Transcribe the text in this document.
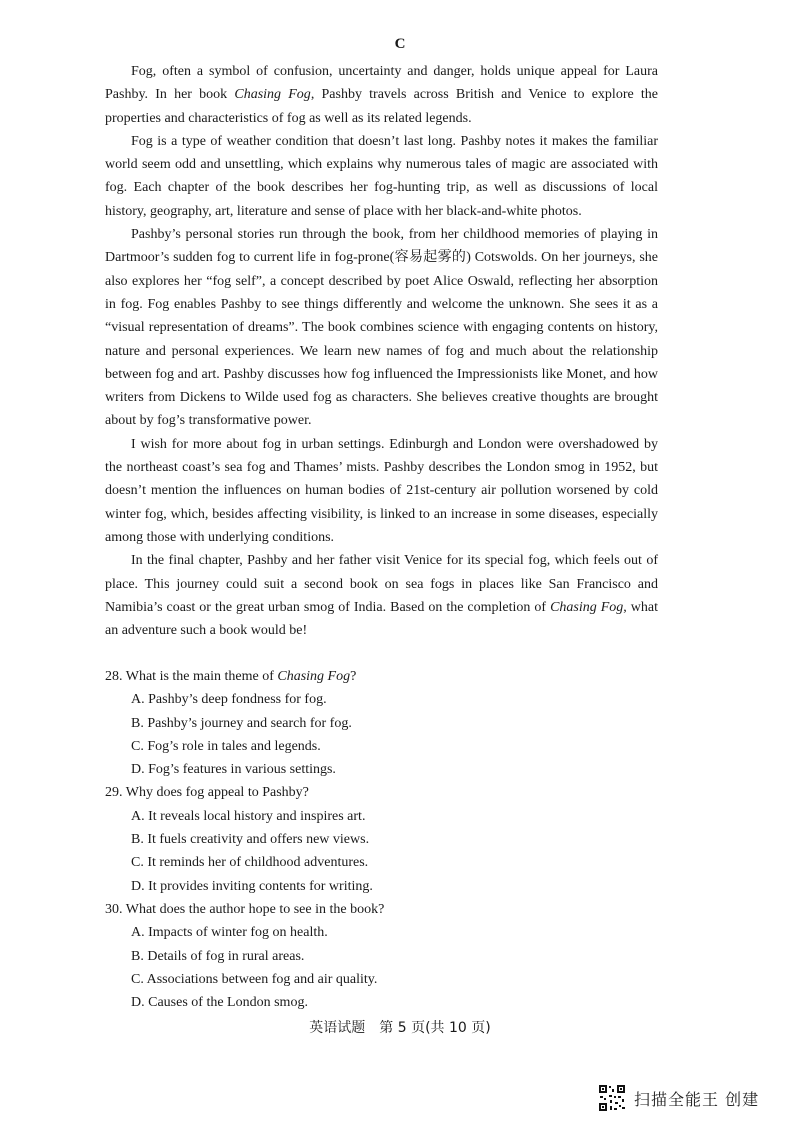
C

Fog, often a symbol of confusion, uncertainty and danger, holds unique appeal for Laura Pashby. In her book Chasing Fog, Pashby travels across British and Venice to explore the properties and characteristics of fog as well as its related legends.

Fog is a type of weather condition that doesn’t last long. Pashby notes it makes the familiar world seem odd and unsettling, which explains why numerous tales of magic are associated with fog. Each chapter of the book describes her fog-hunting trip, as well as discussions of local history, geography, art, literature and sense of place with her black-and-white photos.

Pashby’s personal stories run through the book, from her childhood memories of playing in Dartmoor’s sudden fog to current life in fog-prone(容易起雾的) Cotswolds. On her journeys, she also explores her “fog self”, a concept described by poet Alice Oswald, reflecting her absorption in fog. Fog enables Pashby to see things differently and welcome the unknown. She sees it as a “visual representation of dreams”. The book combines science with engaging contents on history, nature and personal experiences. We learn new names of fog and much about the relationship between fog and art. Pashby discusses how fog influenced the Impressionists like Monet, and how writers from Dickens to Wilde used fog as characters. She believes creative thoughts are brought about by fog’s transformative power.

I wish for more about fog in urban settings. Edinburgh and London were overshadowed by the northeast coast’s sea fog and Thames’ mists. Pashby describes the London smog in 1952, but doesn’t mention the influences on human bodies of 21st-century air pollution worsened by cold winter fog, which, besides affecting visibility, is linked to an increase in some diseases, especially among those with underlying conditions.

In the final chapter, Pashby and her father visit Venice for its special fog, which feels out of place. This journey could suit a second book on sea fogs in places like San Francisco and Namibia’s coast or the great urban smog of India. Based on the completion of Chasing Fog, what an adventure such a book would be!

28. What is the main theme of Chasing Fog?
A. Pashby’s deep fondness for fog.
B. Pashby’s journey and search for fog.
C. Fog’s role in tales and legends.
D. Fog’s features in various settings.
29. Why does fog appeal to Pashby?
A. It reveals local history and inspires art.
B. It fuels creativity and offers new views.
C. It reminds her of childhood adventures.
D. It provides inviting contents for writing.
30. What does the author hope to see in the book?
A. Impacts of winter fog on health.
B. Details of fog in rural areas.
C. Associations between fog and air quality.
D. Causes of the London smog.
英语试题　第 5 页(共 10 页)
扫描全能王 创建
